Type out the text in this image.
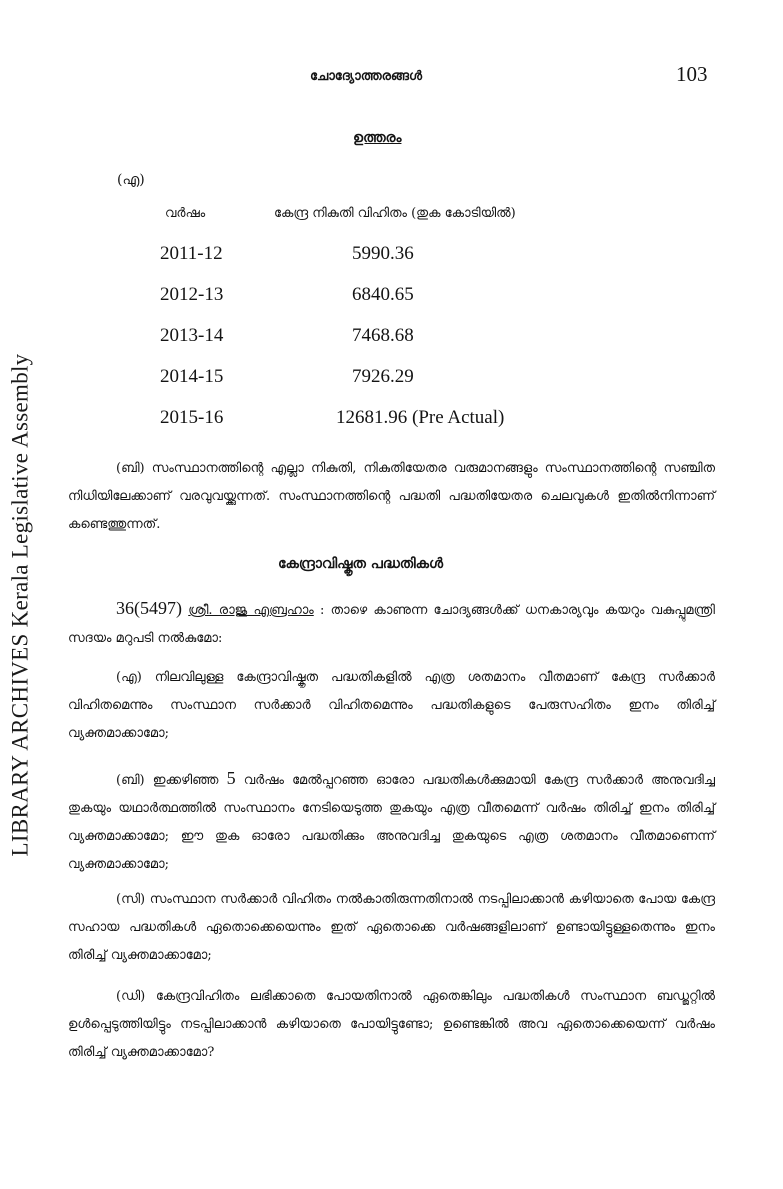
LIBRARY ARCHIVES Kerala Legislative Assembly
ചോദ്യോത്തരങ്ങൾ	103
ഉത്തരം
(എ)
വർഷം	കേന്ദ്ര നികുതി വിഹിതം (തുക കോടിയിൽ)
2011-12	5990.36
2012-13	6840.65
2013-14	7468.68
2014-15	7926.29
2015-16	12681.96 (Pre Actual)

(ബി) സംസ്ഥാനത്തിന്റെ എല്ലാ നികുതി, നികുതിയേതര വരുമാനങ്ങളും സംസ്ഥാനത്തിന്റെ സഞ്ചിത നിധിയിലേക്കാണ് വരവുവയ്ക്കുന്നത്. സംസ്ഥാനത്തിന്റെ പദ്ധതി പദ്ധതിയേതര ചെലവുകൾ ഇതിൽനിന്നാണ് കണ്ടെത്തുന്നത്.

കേന്ദ്രാവിഷ്കൃത പദ്ധതികൾ

36(5497) ശ്രീ. രാജു എബ്രഹാം : താഴെ കാണുന്ന ചോദ്യങ്ങൾക്ക് ധനകാര്യവും കയറും വകുപ്പുമന്ത്രി സദയം മറുപടി നൽകുമോ:

(എ) നിലവിലുള്ള കേന്ദ്രാവിഷ്കൃത പദ്ധതികളിൽ എത്ര ശതമാനം വീതമാണ് കേന്ദ്ര സർക്കാർ വിഹിതമെന്നും സംസ്ഥാന സർക്കാർ വിഹിതമെന്നും പദ്ധതികളുടെ പേരുസഹിതം ഇനം തിരിച്ച് വ്യക്തമാക്കാമോ;

(ബി) ഇക്കഴിഞ്ഞ 5 വർഷം മേൽപ്പറഞ്ഞ ഓരോ പദ്ധതികൾക്കുമായി കേന്ദ്ര സർക്കാർ അനുവദിച്ച തുകയും യഥാർത്ഥത്തിൽ സംസ്ഥാനം നേടിയെടുത്ത തുകയും എത്ര വീതമെന്ന് വർഷം തിരിച്ച് ഇനം തിരിച്ച് വ്യക്തമാക്കാമോ; ഈ തുക ഓരോ പദ്ധതിക്കും അനുവദിച്ച തുകയുടെ എത്ര ശതമാനം വീതമാണെന്ന് വ്യക്തമാക്കാമോ;

(സി) സംസ്ഥാന സർക്കാർ വിഹിതം നൽകാതിരുന്നതിനാൽ നടപ്പിലാക്കാൻ കഴിയാതെ പോയ കേന്ദ്ര സഹായ പദ്ധതികൾ ഏതൊക്കെയെന്നും ഇത് ഏതൊക്കെ വർഷങ്ങളിലാണ് ഉണ്ടായിട്ടുള്ളതെന്നും ഇനം തിരിച്ച് വ്യക്തമാക്കാമോ;

(ഡി) കേന്ദ്രവിഹിതം ലഭിക്കാതെ പോയതിനാൽ ഏതെങ്കിലും പദ്ധതികൾ സംസ്ഥാന ബഡ്ജറ്റിൽ ഉൾപ്പെടുത്തിയിട്ടും നടപ്പിലാക്കാൻ കഴിയാതെ പോയിട്ടുണ്ടോ; ഉണ്ടെങ്കിൽ അവ ഏതൊക്കെയെന്ന് വർഷം തിരിച്ച് വ്യക്തമാക്കാമോ?
